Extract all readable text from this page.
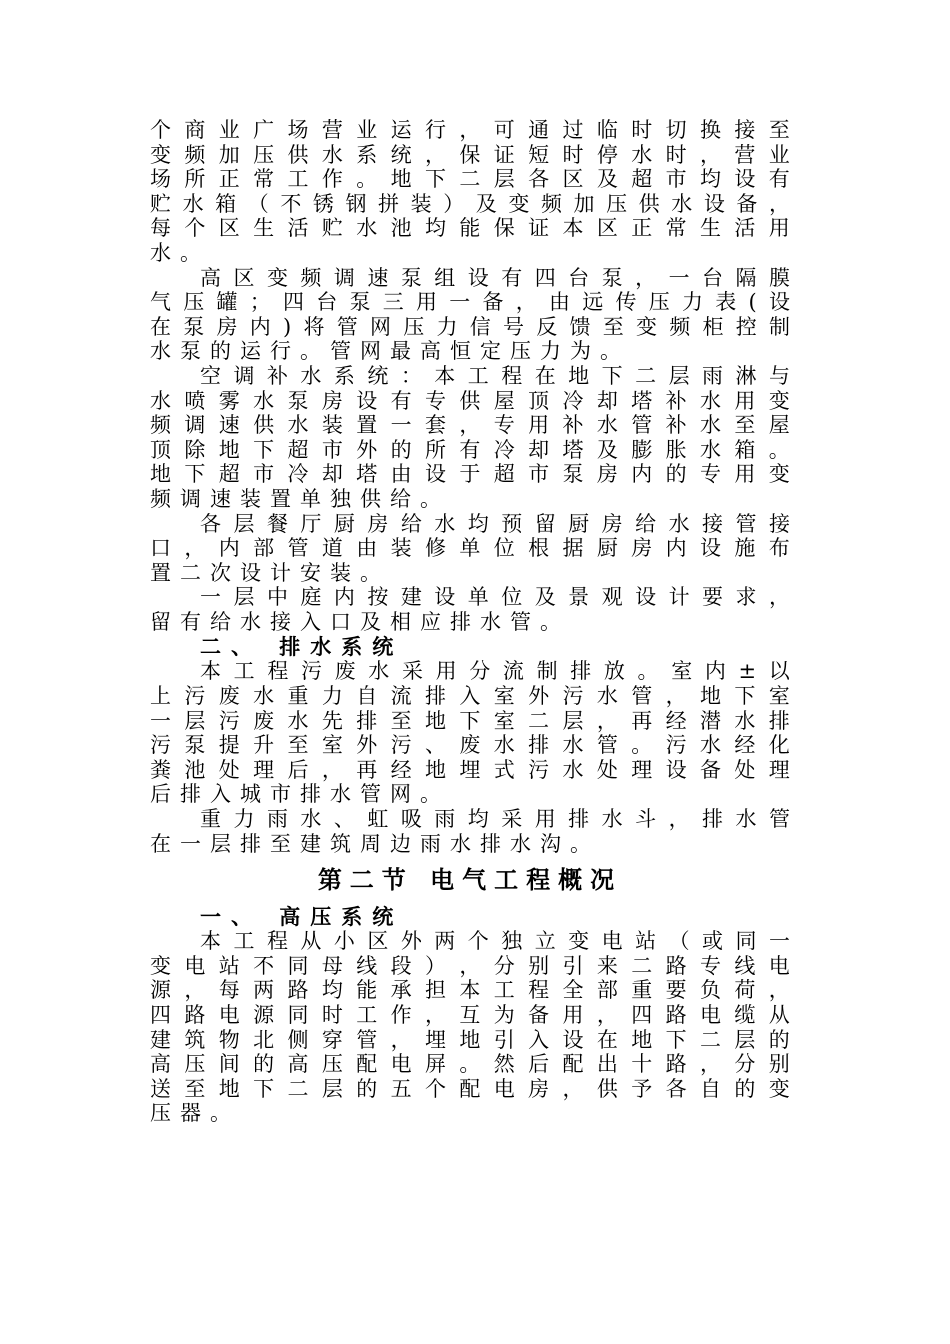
个 商 业 广 场 营 业 运 行 ， 可 通 过 临 时 切 换 接 至
变 频 加 压 供 水 系 统 ， 保 证 短 时 停 水 时 ， 营 业
场 所 正 常 工 作 。 地 下 二 层 各 区 及 超 市 均 设 有
贮 水 箱 （ 不 锈 钢 拼 装 ） 及 变 频 加 压 供 水 设 备 ，
每 个 区 生 活 贮 水 池 均 能 保 证 本 区 正 常 生 活 用
水。
高 区 变 频 调 速 泵 组 设 有 四 台 泵 ， 一 台 隔 膜
气 压 罐 ； 四 台 泵 三 用 一 备 ， 由 远 传 压 力 表 ( 设
在 泵 房 内 ) 将 管 网 压 力 信 号 反 馈 至 变 频 柜 控 制
水泵的运行。管网最高恒定压力为。
空 调 补 水 系 统 ： 本 工 程 在 地 下 二 层 雨 淋 与
水 喷 雾 水 泵 房 设 有 专 供 屋 顶 冷 却 塔 补 水 用 变
频 调 速 供 水 装 置 一 套 ， 专 用 补 水 管 补 水 至 屋
顶 除 地 下 超 市 外 的 所 有 冷 却 塔 及 膨 胀 水 箱 。
地 下 超 市 冷 却 塔 由 设 于 超 市 泵 房 内 的 专 用 变
频调速装置单独供给。
各 层 餐 厅 厨 房 给 水 均 预 留 厨 房 给 水 接 管 接
口 ， 内 部 管 道 由 装 修 单 位 根 据 厨 房 内 设 施 布
置二次设计安装。
一 层 中 庭 内 按 建 设 单 位 及 景 观 设 计 要 求 ，
留有给水接入口及相应排水管。
二、 排水系统
本 工 程 污 废 水 采 用 分 流 制 排 放 。 室 内 ± 以
上 污 废 水 重 力 自 流 排 入 室 外 污 水 管 ， 地 下 室
一 层 污 废 水 先 排 至 地 下 室 二 层 ， 再 经 潜 水 排
污 泵 提 升 至 室 外 污 、 废 水 排 水 管 。 污 水 经 化
粪 池 处 理 后 ， 再 经 地 埋 式 污 水 处 理 设 备 处 理
后排入城市排水管网。
重 力 雨 水 、 虹 吸 雨 均 采 用 排 水 斗 ， 排 水 管
在一层排至建筑周边雨水排水沟。
第二节 电气工程概况
一、 高压系统
本 工 程 从 小 区 外 两 个 独 立 变 电 站 （ 或 同 一
变 电 站 不 同 母 线 段 ） ， 分 别 引 来 二 路 专 线 电
源 ， 每 两 路 均 能 承 担 本 工 程 全 部 重 要 负 荷 ，
四 路 电 源 同 时 工 作 ， 互 为 备 用 ， 四 路 电 缆 从
建 筑 物 北 侧 穿 管 ， 埋 地 引 入 设 在 地 下 二 层 的
高 压 间 的 高 压 配 电 屏 。 然 后 配 出 十 路 ， 分 别
送 至 地 下 二 层 的 五 个 配 电 房 ， 供 予 各 自 的 变
压器。
